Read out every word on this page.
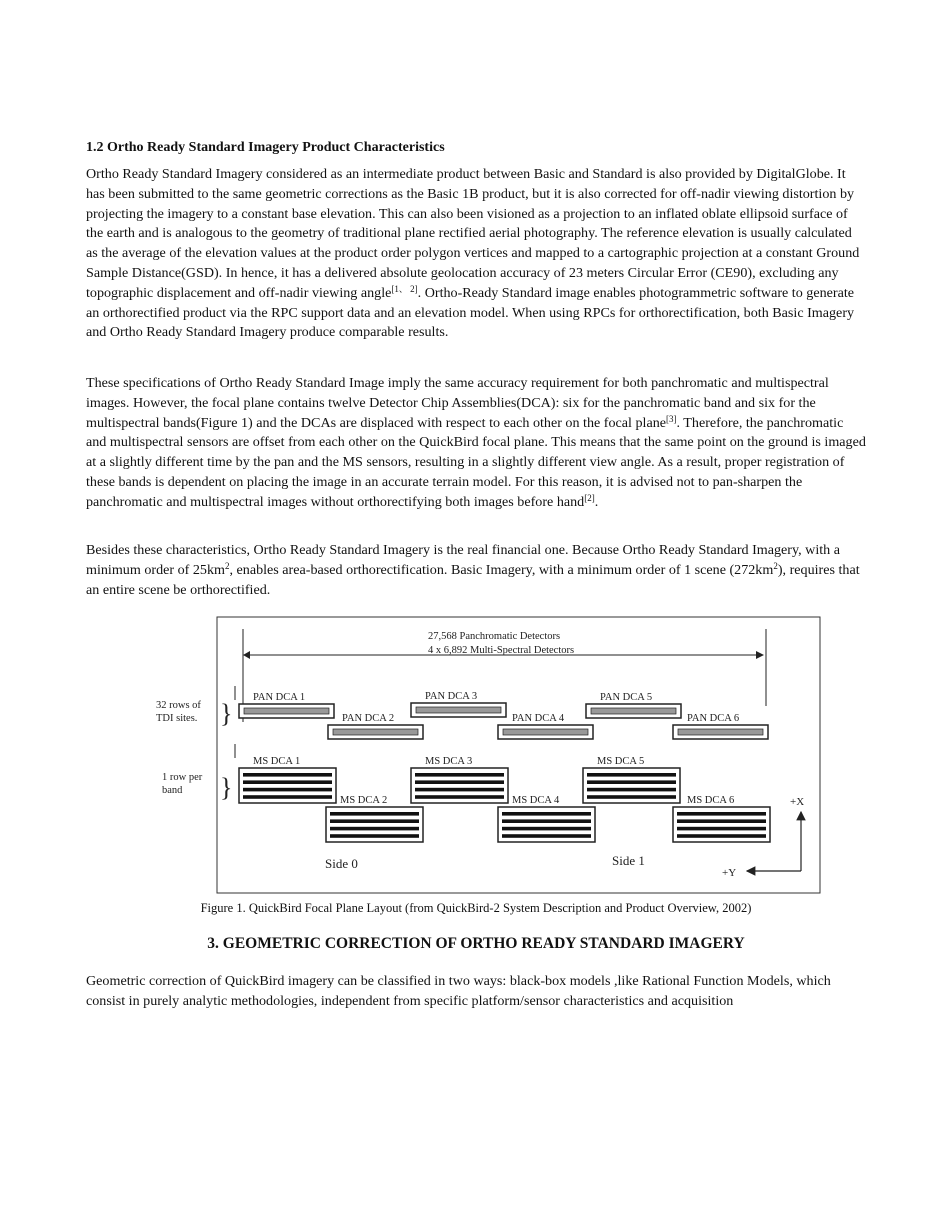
1.2 Ortho Ready Standard Imagery Product Characteristics

Ortho Ready Standard Imagery considered as an intermediate product between Basic and Standard is also provided by DigitalGlobe. It has been submitted to the same geometric corrections as the Basic 1B product, but it is also corrected for off-nadir viewing distortion by projecting the imagery to a constant base elevation. This can also been visioned as a projection to an inflated oblate ellipsoid surface of the earth and is analogous to the geometry of traditional plane rectified aerial photography. The reference elevation is usually calculated as the average of the elevation values at the product order polygon vertices and mapped to a cartographic projection at a constant Ground Sample Distance(GSD). In hence, it has a delivered absolute geolocation accuracy of 23 meters Circular Error (CE90), excluding any topographic displacement and off-nadir viewing angle[1、 2]. Ortho-Ready Standard image enables photogrammetric software to generate an orthorectified product via the RPC support data and an elevation model. When using RPCs for orthorectification, both Basic Imagery and Ortho Ready Standard Imagery produce comparable results.

These specifications of Ortho Ready Standard Image imply the same accuracy requirement for both panchromatic and multispectral images. However, the focal plane contains twelve Detector Chip Assemblies(DCA): six for the panchromatic band and six for the multispectral bands(Figure 1) and the DCAs are displaced with respect to each other on the focal plane[3]. Therefore, the panchromatic and multispectral sensors are offset from each other on the QuickBird focal plane. This means that the same point on the ground is imaged at a slightly different time by the pan and the MS sensors, resulting in a slightly different view angle. As a result, proper registration of these bands is dependent on placing the image in an accurate terrain model. For this reason, it is advised not to pan-sharpen the panchromatic and multispectral images without orthorectifying both images before hand[2].

Besides these characteristics, Ortho Ready Standard Imagery is the real financial one. Because Ortho Ready Standard Imagery, with a minimum order of $25km^2$, enables area-based orthorectification. Basic Imagery, with a minimum order of 1 scene $(272km^2)$, requires that an entire scene be orthorectified.

27,568 Panchromatic Detectors
4 x 6,892 Multi-Spectral Detectors
32 rows of
TDI sites. }
1 row per
band }
PAN DCA 1
PAN DCA 2
PAN DCA 3
PAN DCA 4
PAN DCA 5
PAN DCA 6
MS DCA 1
MS DCA 2
MS DCA 3
MS DCA 4
MS DCA 5
MS DCA 6
Side 0	Side 1
+X
+Y

Figure 1. QuickBird Focal Plane Layout (from QuickBird-2 System Description and Product Overview, 2002)

3. GEOMETRIC CORRECTION OF ORTHO READY STANDARD IMAGERY

Geometric correction of QuickBird imagery can be classified in two ways: black-box models ,like Rational Function Models, which consist in purely analytic methodologies, independent from specific platform/sensor characteristics and acquisition
